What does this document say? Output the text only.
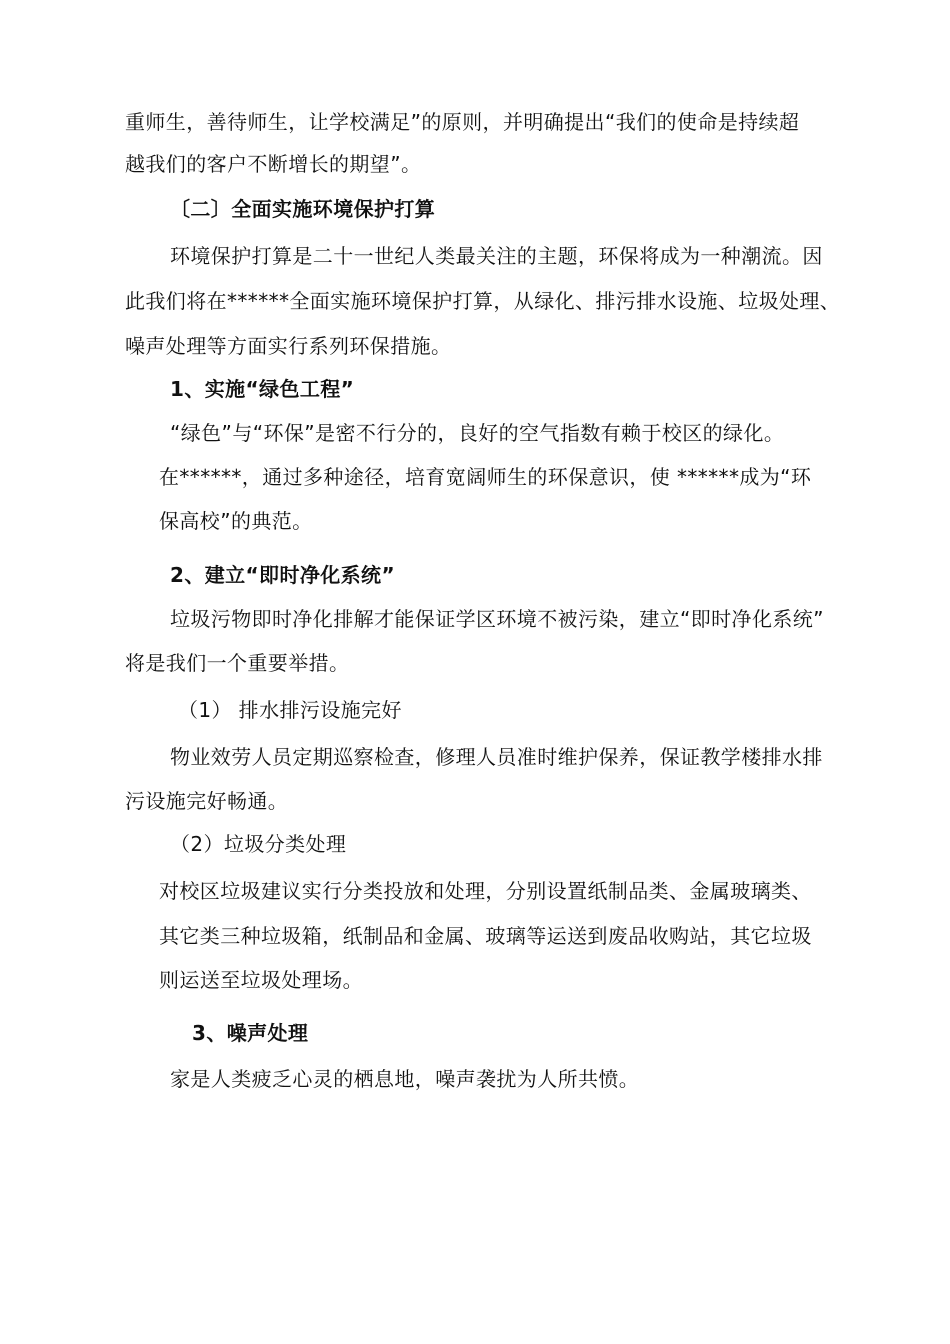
重师生，善待师生，让学校满足”的原则，并明确提出“我们的使命是持续超
越我们的客户不断增长的期望”。
〔二〕全面实施环境保护打算
环境保护打算是二十一世纪人类最关注的主题，环保将成为一种潮流。因
此我们将在******全面实施环境保护打算，从绿化、排污排水设施、垃圾处理、
噪声处理等方面实行系列环保措施。
1、实施“绿色工程”
“绿色”与“环保”是密不行分的，良好的空气指数有赖于校区的绿化。
在******，通过多种途径，培育宽阔师生的环保意识，使 ******成为“环
保高校”的典范。
2、建立“即时净化系统”
垃圾污物即时净化排解才能保证学区环境不被污染，建立“即时净化系统”
将是我们一个重要举措。
（1） 排水排污设施完好
物业效劳人员定期巡察检查，修理人员准时维护保养，保证教学楼排水排
污设施完好畅通。
（2）垃圾分类处理
对校区垃圾建议实行分类投放和处理，分别设置纸制品类、金属玻璃类、
其它类三种垃圾箱，纸制品和金属、玻璃等运送到废品收购站，其它垃圾
则运送至垃圾处理场。
3、噪声处理
家是人类疲乏心灵的栖息地，噪声袭扰为人所共愤。
